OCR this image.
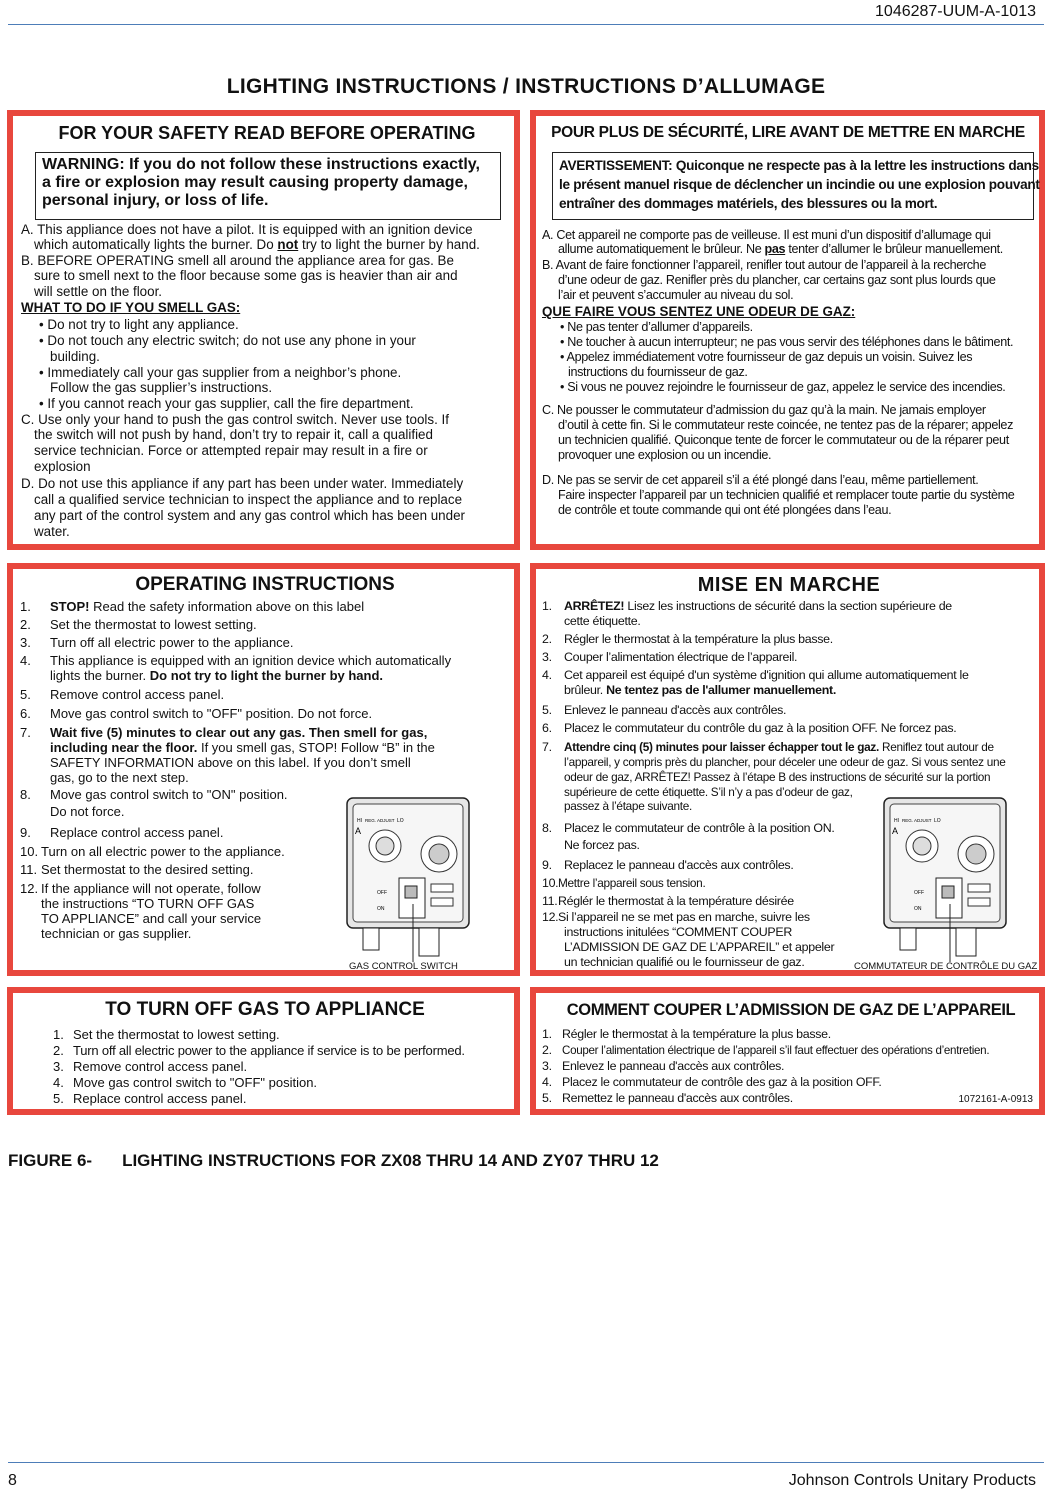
1046287-UUM-A-1013
LIGHTING INSTRUCTIONS / INSTRUCTIONS D’ALLUMAGE
FOR YOUR SAFETY READ BEFORE OPERATING
WARNING: If you do not follow these instructions exactly,
a fire or explosion may result causing property damage,
personal injury, or loss of life.
A. This appliance does not have a pilot. It is equipped with an ignition device
which automatically lights the burner. Do not try to light the burner by hand.
B. BEFORE OPERATING smell all around the appliance area for gas. Be
sure to smell next to the floor because some gas is heavier than air and
will settle on the floor.
WHAT TO DO IF YOU SMELL GAS:
• Do not try to light any appliance.
• Do not touch any electric switch; do not use any phone in your
building.
• Immediately call your gas supplier from a neighbor’s phone.
Follow the gas supplier’s instructions.
• If you cannot reach your gas supplier, call the fire department.
C. Use only your hand to push the gas control switch. Never use tools. If
the switch will not push by hand, don’t try to repair it, call a qualified
service technician. Force or attempted repair may result in a fire or
explosion
D. Do not use this appliance if any part has been under water. Immediately
call a qualified service technician to inspect the appliance and to replace
any part of the control system and any gas control which has been under
water.
POUR PLUS DE SÉCURITÉ, LIRE AVANT DE METTRE EN MARCHE
AVERTISSEMENT: Quiconque ne respecte pas à la lettre les instructions dans
le présent manuel risque de déclencher un incindie ou une explosion pouvant
entraîner des dommages matériels, des blessures ou la mort.
A. Cet appareil ne comporte pas de veilleuse. Il est muni d’un dispositif d’allumage qui
allume automatiquement le brûleur. Ne pas tenter d’allumer le brûleur manuellement.
B. Avant de faire fonctionner l’appareil, renifler tout autour de l’appareil à la recherche
d’une odeur de gaz. Renifler près du plancher, car certains gaz sont plus lourds que
l’air et peuvent s’accumuler au niveau du sol.
QUE FAIRE VOUS SENTEZ UNE ODEUR DE GAZ:
• Ne pas tenter d’allumer d’appareils.
• Ne toucher à aucun interrupteur; ne pas vous servir des téléphones dans le bâtiment.
• Appelez immédiatement votre fournisseur de gaz depuis un voisin. Suivez les
instructions du fournisseur de gaz.
• Si vous ne pouvez rejoindre le fournisseur de gaz, appelez le service des incendies.
C. Ne pousser le commutateur d’admission du gaz qu’à la main. Ne jamais employer
d’outil à cette fin. Si le commutateur reste coincée, ne tentez pas de la réparer; appelez
un technicien qualifié. Quiconque tente de forcer le commutateur ou de la réparer peut
provoquer une explosion ou un incendie.
D. Ne pas se servir de cet appareil s’il a été plongé dans l’eau, même partiellement.
Faire inspecter l’appareil par un technicien qualifié et remplacer toute partie du système
de contrôle et toute commande qui ont été plongées dans l’eau.
OPERATING INSTRUCTIONS
1. STOP! Read the safety information above on this label
2. Set the thermostat to lowest setting.
3. Turn off all electric power to the appliance.
4. This appliance is equipped with an ignition device which automatically
lights the burner. Do not try to light the burner by hand.
5. Remove control access panel.
6. Move gas control switch to "OFF" position. Do not force.
7. Wait five (5) minutes to clear out any gas. Then smell for gas,
including near the floor. If you smell gas, STOP! Follow “B” in the
SAFETY INFORMATION above on this label. If you don’t smell
gas, go to the next step.
8. Move gas control switch to "ON" position.
Do not force.
9. Replace control access panel.
10. Turn on all electric power to the appliance.
11. Set thermostat to the desired setting.
12. If the appliance will not operate, follow
the instructions “TO TURN OFF GAS
TO APPLIANCE” and call your service
technician or gas supplier.
A
REG. ADJUST
HI	LO
OFF
ON
GAS CONTROL SWITCH
MISE EN MARCHE
1. ARRÊTEZ! Lisez les instructions de sécurité dans la section supérieure de
cette étiquette.
2. Régler le thermostat à la température la plus basse.
3. Couper l’alimentation électrique de l’appareil.
4. Cet appareil est équipé d'un système d'ignition qui allume automatiquement le
brûleur. Ne tentez pas de l'allumer manuellement.
5. Enlevez le panneau d'accès aux contrôles.
6. Placez le commutateur du contrôle du gaz à la position OFF. Ne forcez pas.
7. Attendre cinq (5) minutes pour laisser échapper tout le gaz. Reniflez tout autour de
l’appareil, y compris près du plancher, pour déceler une odeur de gaz. Si vous sentez une
odeur de gaz, ARRÊTEZ! Passez à l’étape B des instructions de sécurité sur la portion
supérieure de cette étiquette. S’il n’y a pas d’odeur de gaz,
passez à l’étape suivante.
8. Placez le commutateur de contrôle à la position ON.
Ne forcez pas.
9. Replacez le panneau d'accès aux contrôles.
10. Mettre l’appareil sous tension.
11. Réglér le thermostat à la température désirée
12. Si l’appareil ne se met pas en marche, suivre les
instructions initulées “COMMENT COUPER
L’ADMISSION DE GAZ DE L’APPAREIL” et appeler
un technician qualifié ou le fournisseur de gaz.
A
REG. ADJUST
HI	LO
OFF
ON
COMMUTATEUR DE CONTRÔLE DU GAZ
TO TURN OFF GAS TO APPLIANCE
1. Set the thermostat to lowest setting.
2. Turn off all electric power to the appliance if service is to be performed.
3. Remove control access panel.
4. Move gas control switch to "OFF" position.
5. Replace control access panel.
COMMENT COUPER L’ADMISSION DE GAZ DE L’APPAREIL
1. Régler le thermostat à la température la plus basse.
2. Couper l’alimentation électrique de l’appareil s’il faut effectuer des opérations d’entretien.
3. Enlevez le panneau d'accès aux contrôles.
4. Placez le commutateur de contrôle des gaz à la position OFF.
5. Remettez le panneau d'accès aux contrôles.	1072161-A-0913
FIGURE 6- LIGHTING INSTRUCTIONS FOR ZX08 THRU 14 AND ZY07 THRU 12
8	Johnson Controls Unitary Products
